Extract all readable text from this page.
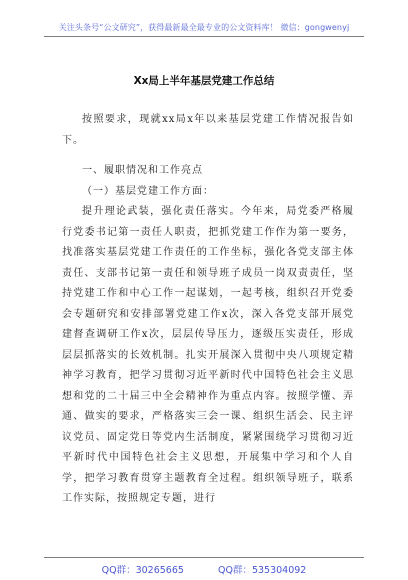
关注头条号“公文研究”，获得最新最全最专业的公文资料库！ 微信：gongwenyj
Xx局上半年基层党建工作总结

按照要求，现就xx局x年以来基层党建工作情况报告如下。

一、履职情况和工作亮点

（一）基层党建工作方面：

提升理论武装，强化责任落实。今年来，局党委严格履行党委书记第一责任人职责，把抓党建工作作为第一要务，找准落实基层党建工作责任的工作坐标，强化各党支部主体责任、支部书记第一责任和领导班子成员一岗双责责任，坚持党建工作和中心工作一起谋划，一起考核，组织召开党委会专题研究和安排部署党建工作x次，深入各党支部开展党建督查调研工作x次，层层传导压力，逐级压实责任，形成层层抓落实的长效机制。扎实开展深入贯彻中央八项规定精神学习教育，把学习贯彻习近平新时代中国特色社会主义思想和党的二十届三中全会精神作为重点内容。按照学懂、弄通、做实的要求，严格落实三会一课、组织生活会、民主评议党员、固定党日等党内生活制度，紧紧围绕学习贯彻习近平新时代中国特色社会主义思想，开展集中学习和个人自学，把学习教育贯穿主题教育全过程。组织领导班子，联系工作实际，按照规定专题，进行

QQ群：30265665	QQ群：535304092
